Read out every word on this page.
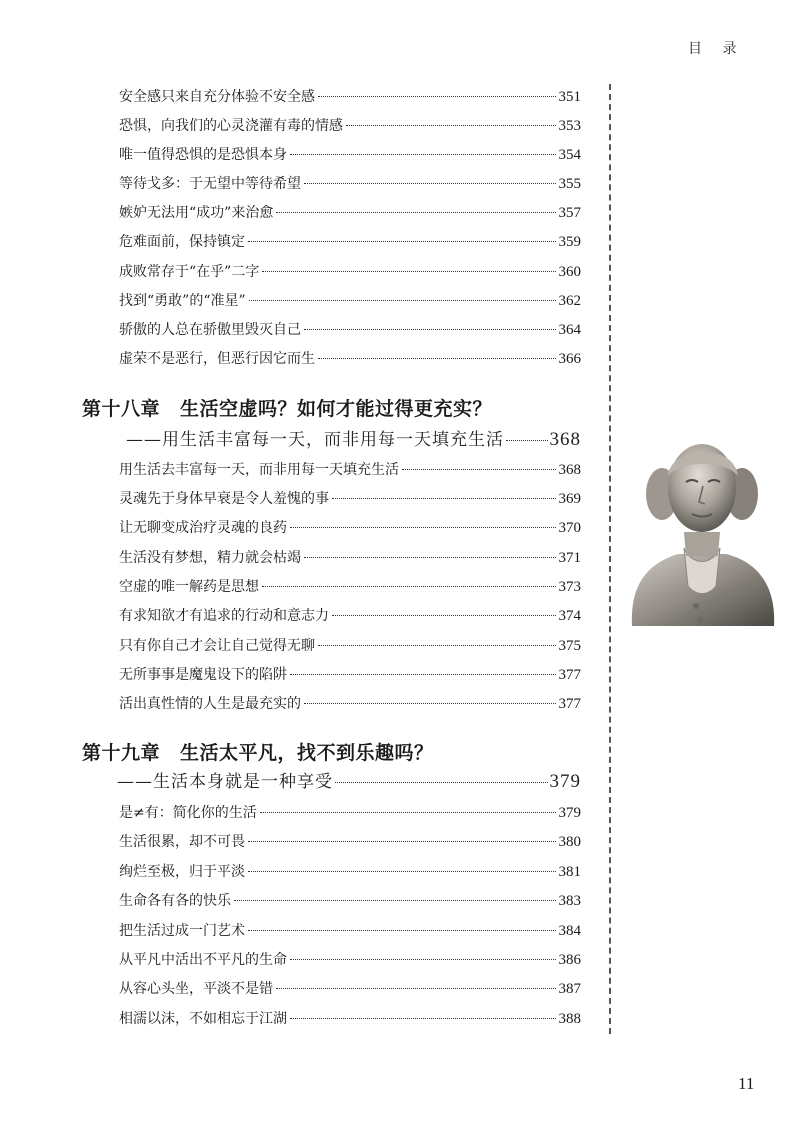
目 录
安全感只来自充分体验不安全感	351
恐惧，向我们的心灵浇灌有毒的情感	353
唯一值得恐惧的是恐惧本身	354
等待戈多：于无望中等待希望	355
嫉妒无法用“成功”来治愈	357
危难面前，保持镇定	359
成败常存于“在乎”二字	360
找到“勇敢”的“准星”	362
骄傲的人总在骄傲里毁灭自己	364
虚荣不是恶行，但恶行因它而生	366
第十八章 生活空虚吗？如何才能过得更充实？
——用生活丰富每一天，而非用每一天填充生活 368
用生活去丰富每一天，而非用每一天填充生活	368
灵魂先于身体早衰是令人羞愧的事	369
让无聊变成治疗灵魂的良药	370
生活没有梦想，精力就会枯竭	371
空虚的唯一解药是思想	373
有求知欲才有追求的行动和意志力	374
只有你自己才会让自己觉得无聊	375
无所事事是魔鬼设下的陷阱	377
活出真性情的人生是最充实的	377
第十九章 生活太平凡，找不到乐趣吗？
——生活本身就是一种享受	379
是≠有：简化你的生活	379
生活很累，却不可畏	380
绚烂至极，归于平淡	381
生命各有各的快乐	383
把生活过成一门艺术	384
从平凡中活出不平凡的生命	386
从容心头坐，平淡不是错	387
相濡以沫，不如相忘于江湖	388
11
